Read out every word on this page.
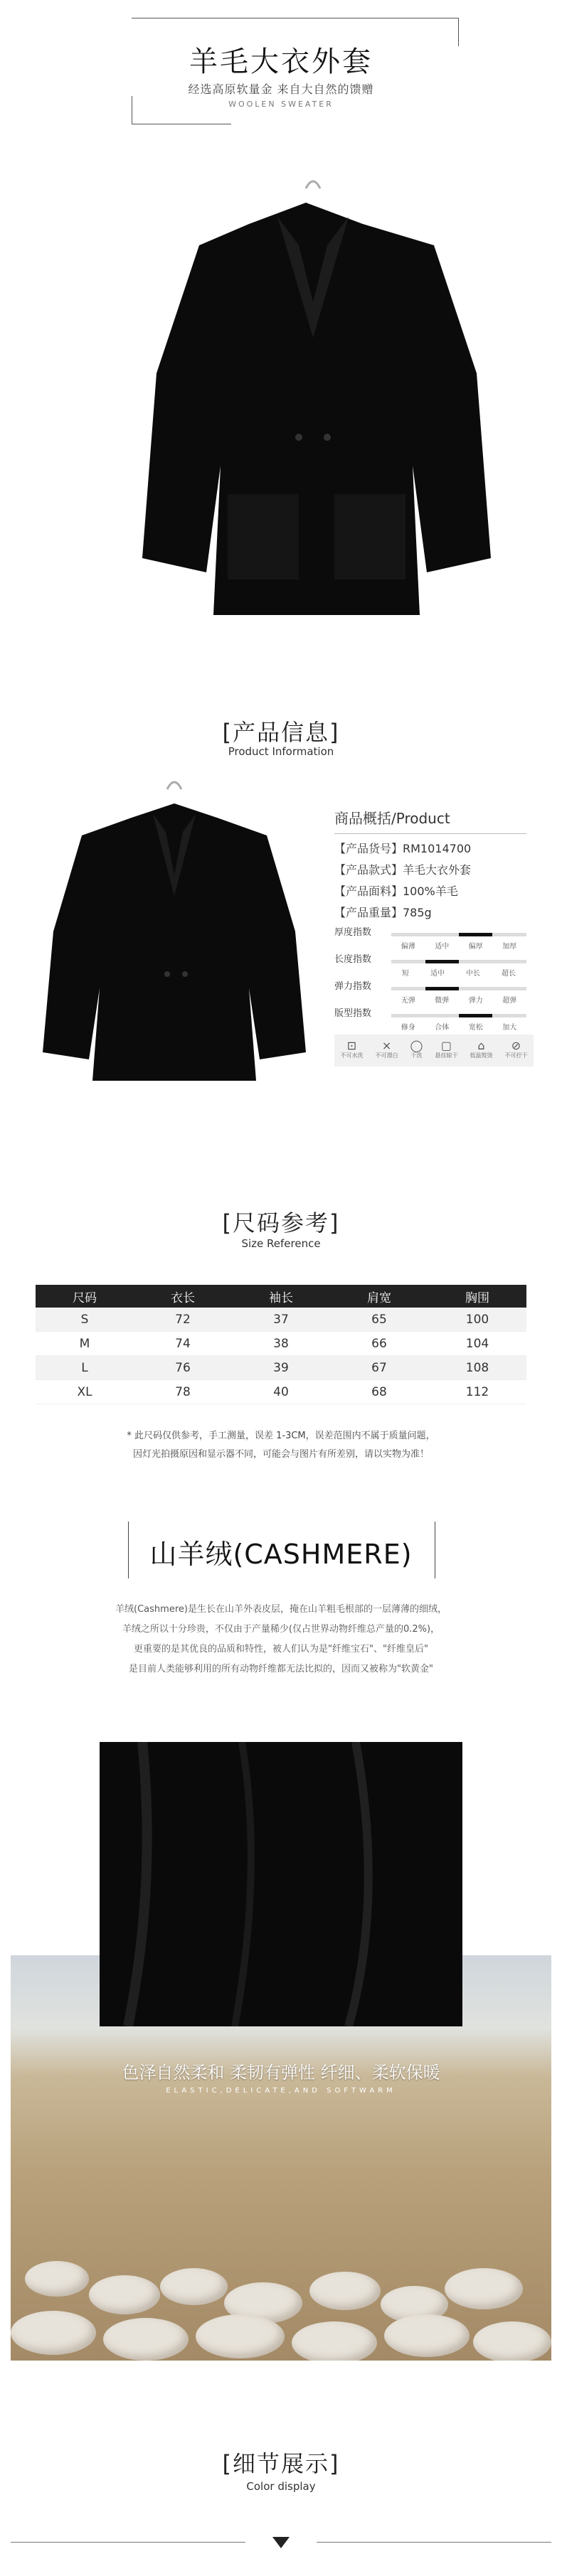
羊毛大衣外套
经选高原软量金 来自大自然的馈赠
WOOLEN SWEATER
[产品信息]
Product Information
商品概括/Product
【产品货号】RM1014700
【产品款式】羊毛大衣外套
【产品面料】100%羊毛
【产品重量】785g
厚度指数
偏薄	适中	偏厚	加厚
长度指数
短	适中	中长	超长
弹力指数
无弹	微弹	弹力	超弹
版型指数
修身	合体	宽松	加大
⊡
不可水洗
⨯
不可漂白
◯
干洗
▢
悬挂晾干
⌂
低温熨烫
⊘
不可拧干
[尺码参考]
Size Reference
尺码	衣长	袖长	肩宽	胸围
S	72	37	65	100
M	74	38	66	104
L	76	39	67	108
XL	78	40	68	112
* 此尺码仅供参考，手工测量，误差 1-3CM，误差范围内不属于质量问题，
因灯光拍摄原因和显示器不同，可能会与图片有所差别，请以实物为准！
山羊绒(CASHMERE)
羊绒(Cashmere)是生长在山羊外表皮层，掩在山羊粗毛根部的一层薄薄的细绒，
羊绒之所以十分珍贵，不仅由于产量稀少(仅占世界动物纤维总产量的0.2%)，
更重要的是其优良的品质和特性，被人们认为是"纤维宝石"、"纤维皇后"
是目前人类能够利用的所有动物纤维都无法比拟的，因而又被称为"软黄金"
色泽自然柔和 柔韧有弹性 纤细、柔软保暖
ELASTIC,DELICATE,AND SOFTWARM
[细节展示]
Color display
